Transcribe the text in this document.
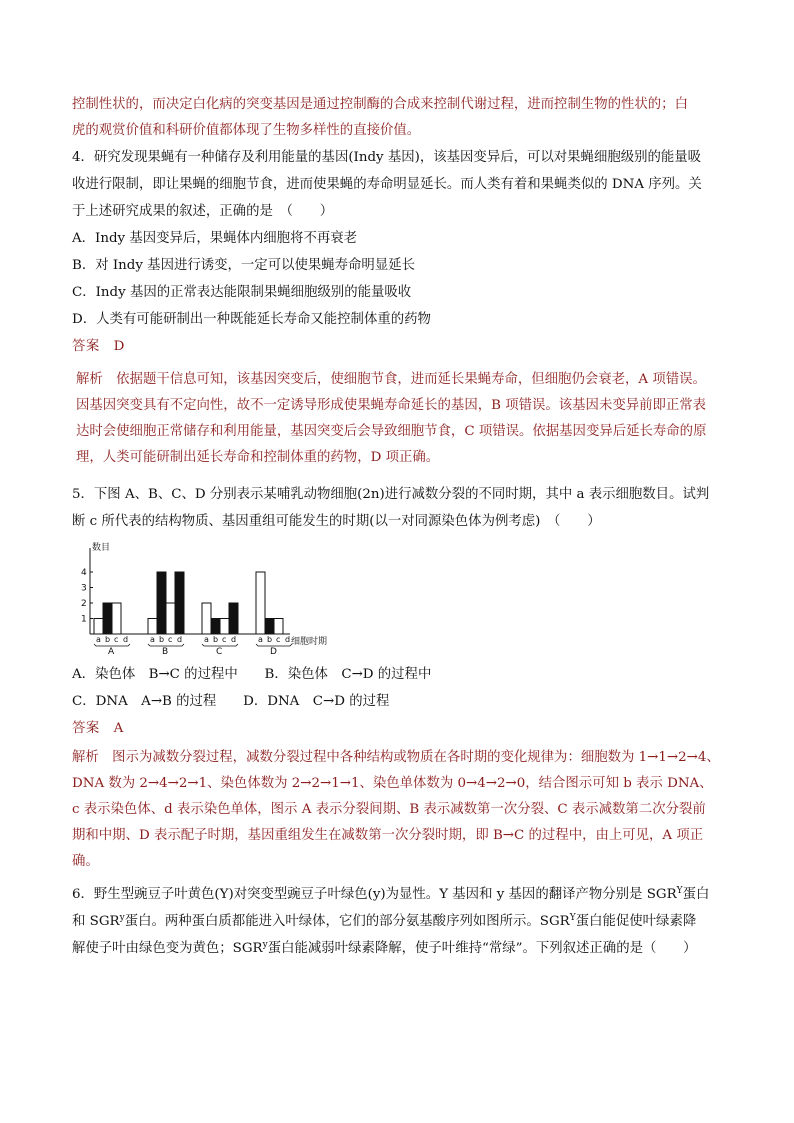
控制性状的，而决定白化病的突变基因是通过控制酶的合成来控制代谢过程，进而控制生物的性状的；白
虎的观赏价值和科研价值都体现了生物多样性的直接价值。
4．研究发现果蝇有一种储存及利用能量的基因(Indy 基因)，该基因变异后，可以对果蝇细胞级别的能量吸
收进行限制，即让果蝇的细胞节食，进而使果蝇的寿命明显延长。而人类有着和果蝇类似的 DNA 序列。关
于上述研究成果的叙述，正确的是　（　　）
A．Indy 基因变异后，果蝇体内细胞将不再衰老
B．对 Indy 基因进行诱变，一定可以使果蝇寿命明显延长
C．Indy 基因的正常表达能限制果蝇细胞级别的能量吸收
D．人类有可能研制出一种既能延长寿命又能控制体重的药物
答案　D
解析　依据题干信息可知，该基因突变后，使细胞节食，进而延长果蝇寿命，但细胞仍会衰老，A 项错误。
因基因突变具有不定向性，故不一定诱导形成使果蝇寿命延长的基因，B 项错误。该基因未变异前即正常表
达时会使细胞正常储存和利用能量，基因突变后会导致细胞节食，C 项错误。依据基因变异后延长寿命的原
理，人类可能研制出延长寿命和控制体重的药物，D 项正确。
5．下图 A、B、C、D 分别表示某哺乳动物细胞(2n)进行减数分裂的不同时期，其中 a 表示细胞数目。试判
断 c 所代表的结构物质、基因重组可能发生的时期(以一对同源染色体为例考虑)　（　　）
数目
1
2
3
4
a b c d
A
a b c d
B
a b c d
C
a b c d
D
细胞时期
A．染色体　B→C 的过程中　　B．染色体　C→D 的过程中
C．DNA　A→B 的过程　　D．DNA　C→D 的过程
答案　A
解析　图示为减数分裂过程，减数分裂过程中各种结构或物质在各时期的变化规律为：细胞数为 1→1→2→4、
DNA 数为 2→4→2→1、染色体数为 2→2→1→1、染色单体数为 0→4→2→0，结合图示可知 b 表示 DNA、
c 表示染色体、d 表示染色单体，图示 A 表示分裂间期、B 表示减数第一次分裂、C 表示减数第二次分裂前
期和中期、D 表示配子时期，基因重组发生在减数第一次分裂时期，即 B→C 的过程中，由上可见，A 项正
确。
6．野生型豌豆子叶黄色(Y)对突变型豌豆子叶绿色(y)为显性。Y 基因和 y 基因的翻译产物分别是 $SGR^Y$蛋白
和 SGR$^y$蛋白。两种蛋白质都能进入叶绿体，它们的部分氨基酸序列如图所示。$SGR^Y$蛋白能促使叶绿素降
解使子叶由绿色变为黄色；SGR$^y$蛋白能减弱叶绿素降解，使子叶维持“常绿”。下列叙述正确的是（　　）
